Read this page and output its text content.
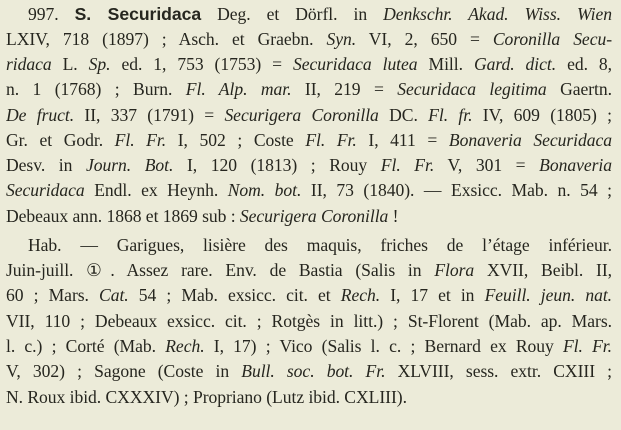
997. S. Securidaca Deg. et Dörfl. in Denkschr. Akad. Wiss. Wien
LXIV, 718 (1897) ; Asch. et Graebn. Syn. VI, 2, 650 = Coronilla Secu-
ridaca L. Sp. ed. 1, 753 (1753) = Securidaca lutea Mill. Gard. dict. ed. 8,
n. 1 (1768) ; Burn. Fl. Alp. mar. II, 219 = Securidaca legitima Gaertn.
De fruct. II, 337 (1791) = Securigera Coronilla DC. Fl. fr. IV, 609 (1805) ;
Gr. et Godr. Fl. Fr. I, 502 ; Coste Fl. Fr. I, 411 = Bonaveria Securidaca
Desv. in Journ. Bot. I, 120 (1813) ; Rouy Fl. Fr. V, 301 = Bonaveria
Securidaca Endl. ex Heynh. Nom. bot. II, 73 (1840). — Exsicc. Mab. n. 54 ;
Debeaux ann. 1868 et 1869 sub : Securigera Coronilla !
Hab. — Garigues, lisière des maquis, friches de l’étage inférieur.
Juin-juill. ①. Assez rare. Env. de Bastia (Salis in Flora XVII, Beibl. II,
60 ; Mars. Cat. 54 ; Mab. exsicc. cit. et Rech. I, 17 et in Feuill. jeun. nat.
VII, 110 ; Debeaux exsicc. cit. ; Rotgès in litt.) ; St-Florent (Mab. ap. Mars.
l. c.) ; Corté (Mab. Rech. I, 17) ; Vico (Salis l. c. ; Bernard ex Rouy Fl. Fr.
V, 302) ; Sagone (Coste in Bull. soc. bot. Fr. XLVIII, sess. extr. CXIII ;
N. Roux ibid. CXXXIV) ; Propriano (Lutz ibid. CXLIII).
